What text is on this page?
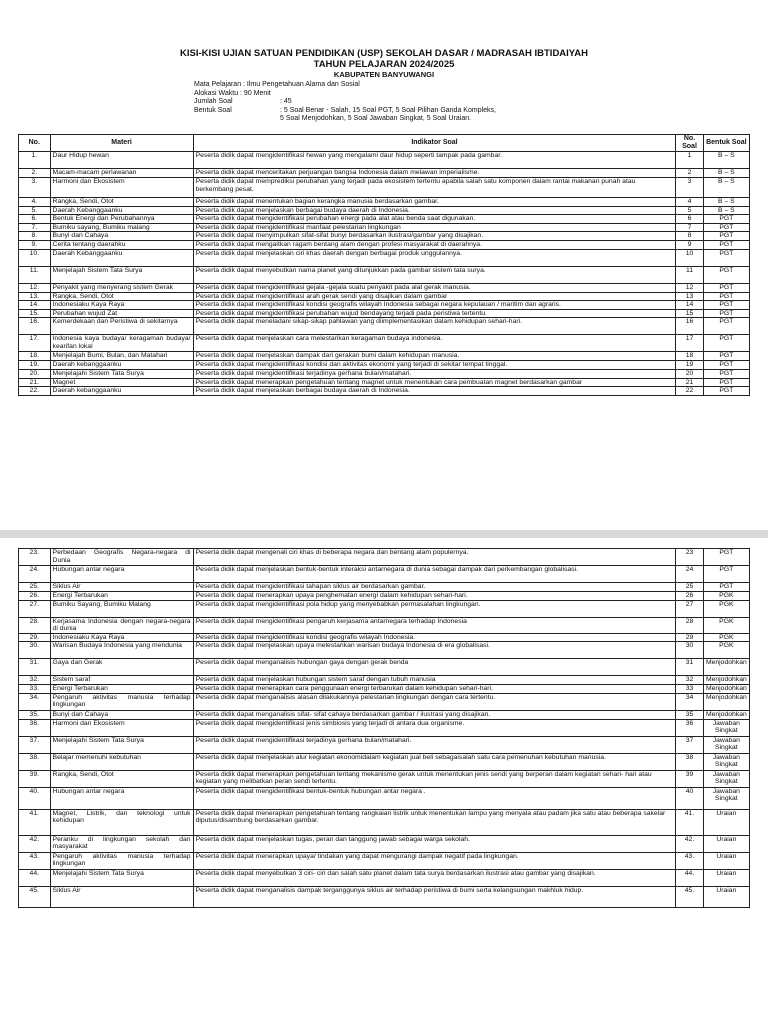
KISI-KISI UJIAN SATUAN PENDIDIKAN (USP) SEKOLAH DASAR / MADRASAH IBTIDAIYAH
TAHUN PELAJARAN 2024/2025
KABUPATEN BANYUWANGI
Mata Pelajaran : Ilmu Pengetahuan Alama dan Sosial
Alokasi Waktu : 90 Menit
Jumlah Soal	: 45
Bentuk Soal	: 5 Soal Benar - Salah, 15 Soal PGT, 5 Soal Pilihan Ganda Kompleks,
5 Soal Menjodohkan, 5 Soal Jawaban Singkat, 5 Soal Uraian.
No.	Materi	Indikator Soal	No. Soal	Bentuk Soal
1.	Daur Hidup hewan	Peserta didik dapat mengidentifikasi hewan yang mengalami daur hidup seperti tampak pada gambar.	1	B – S
2.	Macam-macam perlawanan	Peserta didik dapat menceritakan perjuangan bangsa Indonesia dalam melawan imperialisme.	2	B – S
3.	Harmoni dan Ekosistem	Peserta didik dapat memprediksi perubahan yang terjadi pada ekosistem tertentu apabila salah satu komponen dalam rantai makanan punah atau berkembang pesat.	3	B – S
4.	Rangka, Sendi, Otot	Peserta didik dapat menentukan bagian kerangka manusia berdasarkan gambar.	4	B – S
5.	Daerah Kebanggaanku	Peserta didik dapat menjelaskan berbagai budaya daerah di Indonesia.	5	B – S
6.	Bentuk Energi dan Perubahannya	Peserta didik dapat mengidentifikasi perubahan energi pada alat atau benda saat digunakan.	6	PGT
7.	Bumiku sayang, Bumiku malang	Peserta didik dapat mengidentifikasi manfaat pelestarian lingkungan	7	PGT
8.	Bunyi dan Cahaya	Peserta didik dapat menyimpulkan sifat-sifat bunyi berdasarkan ilustrasi/gambar yang disajikan.	8	PGT
9.	Cerita tentang daerahku	Peserta didik dapat mengaitkan ragam bentang alam dengan profesi masyarakat di daerahnya.	9	PGT
10.	Daerah Kebanggaanku	Peserta didik dapat menjelaskan ciri khas daerah dengan berbagai produk unggulannya.	10	PGT
11.	Menjelajah Sistem Tata Surya	Peserta didik dapat menyebutkan nama planet yang ditunjukkan pada gambar sistem tata surya.	11	PGT
12.	Penyakit yang menyerang sistem Gerak	Peserta didik dapat mengidentifikasi gejala -gejala suatu penyakit pada alat gerak manusia.	12	PGT
13.	Rangka, Sendi, Otot	Peserta didik dapat mengidentifikasi arah gerak sendi yang disajikan dalam gambar	13	PGT
14.	Indonesiaku Kaya Raya	Peserta didik dapat mengidentifikasi kondisi geografis wilayah Indonesia sebagai negara kepulauan / maritim dan agraris.	14	PGT
15.	Perubahan wujud Zat	Peserta didik dapat mengidentifikasi perubahan wujud bendayang terjadi pada peristiwa tertentu.	15	PGT
16.	Kemerdekaan dan Peristiwa di sekitarnya	Peserta didik dapat meneladani sikap-sikap pahlawan yang diimplementasikan dalam kehidupan sehari-hari.	16	PGT
17.	Indonesia kaya budaya/ keragaman budaya/ kearifan lokal	Peserta didik dapat menjelaskan cara melestarikan keragaman budaya indonesia.	17	PGT
18.	Menjelajah Bumi, Bulan, dan Matahari	Peserta didik dapat menjelaskan dampak dari gerakan bumi dalam kehidupan manusia.	18	PGT
19.	Daerah kebanggaanku	Peserta didik dapat mengidentifikasi kondisi dan aktivitas ekonomi yang terjadi di sekitar tempat tinggal.	19	PGT
20.	Menjelajahi Sistem Tata Surya	Peserta didik dapat mengidentifikasi terjadinya gerhana bulan/matahari.	20	PGT
21.	Magnet	Peserta didik dapat menerapkan pengetahuan tentang magnet untuk menentukan cara pembuatan magnet berdasarkan gambar	21	PGT
22.	Daerah kebanggaanku	Peserta didik dapat menjelaskan berbagai budaya daerah di Indonesia.	22	PGT
23.	Perbedaan Geografis Negara-negara di Dunia	Peserta didik dapat mengenali ciri khas di beberapa negara dan bentang alam populernya.	23	PGT
24.	Hubungan antar negara	Peserta didik dapat menjelaskan bentuk-bentuk interaksi antarnegara di dunia sebagai dampak dari perkembangan globalisasi.	24	PGT
25.	Siklus Air	Peserta didik dapat mengidentifikasi tahapan siklus air berdasarkan gambar.	25	PGT
26.	Energi Terbarukan	Peserta didik dapat menerapkan upaya penghematan energi dalam kehidupan sehari-hari.	26	PGK
27.	Bumiku Sayang, Bumiku Malang	Peserta didik dapat mengidentifikasi pola hidup yang menyebabkan permasalahan lingkungan.	27	PGK
28.	Kerjasama Indonesia dengan negara-negara di dunia	Peserta didik dapat mengidentifikasi pengaruh kerjasama antarnegara terhadap Indonesia	28	PGK
29.	Indonesiaku Kaya Raya	Peserta didik dapat mengidentifikasi kondisi geografis wilayah Indonesia.	29	PGK
30.	Warisan Budaya Indonesia yang mendunia	Peserta didik dapat menjelaskan upaya melestarikan warisan budaya Indonesia di era globalisasi.	30	PGK
31.	Gaya dan Gerak	Peserta didik dapat menganalisis hubungan gaya dengan gerak benda	31	Menjodohkan
32.	Sistem saraf	Peserta didik dapat menjelaskan hubungan sistem saraf dengan tubuh manusia	32	Menjodohkan
33.	Energi Terbarukan	Peserta didik dapat menerapkan cara penggunaan energi terbarukan dalam kehidupan sehari-hari.	33	Menjodohkan
34.	Pengaruh aktivitas manusia terhadap lingkungan	Peserta didik dapat menganalisis alasan dilakukannya pelestarian lingkungan dengan cara tertentu.	34	Menjodohkan
35.	Bunyi dan Cahaya	Peserta didik dapat menganalisis sifat- sifat cahaya berdasarkan gambar / ilustrasi yang disajikan.	35	Menjodohkan
36.	Harmoni dan Ekosistem	Peserta didik dapat mengidentifikasi jenis simbiosis yang terjadi di antara dua organisme.	36	Jawaban Singkat
37.	Menjelajahi Sistem Tata Surya	Peserta didik dapat mengidentifikasi terjadinya gerhana bulan/matahari.	37	Jawaban Singkat
38.	Belajar memenuhi kebutuhan	Peserta didik dapat menjelaskan alur kegiatan ekonomidalam kegiatan jual beli sebagaisalah satu cara pemenuhan kebutuhan manusia.	38	Jawaban Singkat
39.	Rangka, Sendi, Otot	Peserta didik dapat menerapkan pengetahuan tentang mekanisme gerak untuk menentukan jenis sendi yang berperan dalam kegiatan sehari- hari atau kegiatan yang melibatkan peran sendi tertentu.	39	Jawaban Singkat
40.	Hubungan antar negara	Peserta didik dapat mengidentifikasi bentuk-bentuk hubungan antar negara .	40	Jawaban Singkat
41.	Magnet, Listrik, dan teknologi untuk kehidupan	Peserta didik dapat menerapkan pengetahuan tentang rangkaian listrik untuk menentukan lampu yang menyala atau padam jika satu atau beberapa sakelar diputus/disambung berdasarkan gambar.	41.	Uraian
42.	Peranku di lingkungan sekolah dan masyarakat	Peserta didik dapat menjelaskan tugas, peran dan tanggung jawab sebagai warga sekolah.	42.	Uraian
43.	Pengaruh aktivitas manusia terhadap lingkungan	Peserta didik dapat menerapkan upaya/ tindakan yang dapat mengurangi dampak negatif pada lingkungan.	43.	Uraian
44.	Menjelajahi Sistem Tata Surya	Peserta didik dapat menyebutkan 3 ciri- ciri dan salah satu planet dalam tata surya berdasarkan ilustrasi atau gambar yang disajikan.	44.	Uraian
45.	Siklus Air	Peserta didik dapat menganalisis dampak terganggunya siklus air terhadap peristiwa di bumi serta kelangsungan makhluk hidup.	45.	Uraian
